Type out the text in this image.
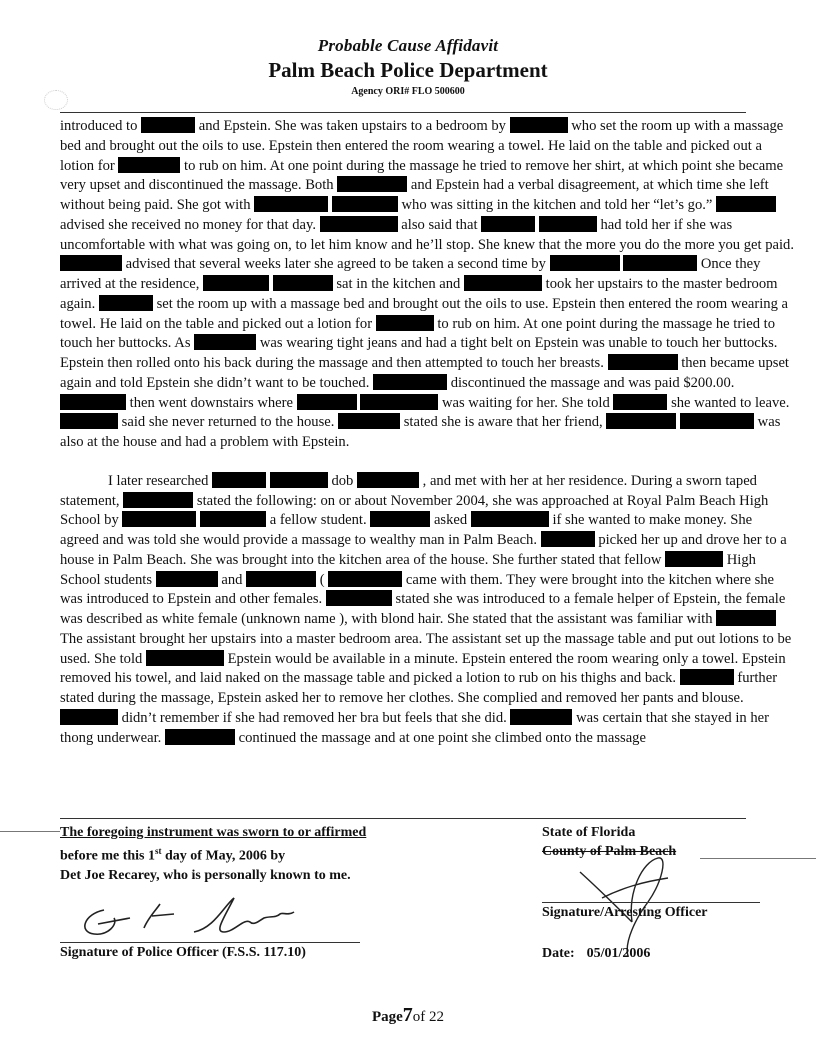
Probable Cause Affidavit
Palm Beach Police Department
Agency ORI# FLO 500600

introduced to	and Epstein. She was taken upstairs to a bedroom by	who set the room up with a massage bed and brought out the oils to use. Epstein then entered the room wearing a towel. He laid on the table and picked out a lotion for	to rub on him. At one point during the massage he tried to remove her shirt, at which point she became very upset and discontinued the massage. Both	and Epstein had a verbal disagreement, at which time she left without being paid. She got with	who was sitting in the kitchen and told her “let’s go.”  advised she received no money for that day.	also said that	had told her if she was uncomfortable with what was going on, to let him know and he’ll stop. She knew that the more you do the more you get paid.  advised that several weeks later she agreed to be taken a second time by	Once they arrived at the residence,	sat in the kitchen and	took her upstairs to the master bedroom again.	set the room up with a massage bed and brought out the oils to use. Epstein then entered the room wearing a towel. He laid on the table and picked out a lotion for	to rub on him. At one point during the massage he tried to touch her buttocks. As	was wearing tight jeans and had a tight belt on Epstein was unable to touch her buttocks. Epstein then rolled onto his back during the massage and then attempted to touch her breasts.	then became upset again and told Epstein she didn’t want to be touched.	discontinued the massage and was paid $200.00.  then went downstairs where	was waiting for her. She told	she wanted to leave.  said she never returned to the house.	stated she is aware that her friend,	was also at the house and had a problem with Epstein.

I later researched	dob	, and met with her at her residence. During a sworn taped statement,	stated the following: on or about November 2004, she was approached at Royal Palm Beach High School by	a fellow student.	asked	if she wanted to make money. She agreed and was told she would provide a massage to wealthy man in Palm Beach.	picked her up and drove her to a house in Palm Beach. She was brought into the kitchen area of the house. She further stated that fellow	High School students	and	(	came with them. They were brought into the kitchen where she was introduced to Epstein and other females.	stated she was introduced to a female helper of Epstein, the female was described as white female (unknown name ), with blond hair. She stated that the assistant was familiar with  The assistant brought her upstairs into a master bedroom area. The assistant set up the massage table and put out lotions to be used. She told	Epstein would be available in a minute. Epstein entered the room wearing only a towel. Epstein removed his towel, and laid naked on the massage table and picked a lotion to rub on his thighs and back.	further stated during the massage, Epstein asked her to remove her clothes. She complied and removed her pants and blouse.  didn’t remember if she had removed her bra but feels that she did.	was certain that she stayed in her thong underwear.	continued the massage and at one point she climbed onto the massage

The foregoing instrument was sworn to or affirmed
before me this 1st day of May, 2006 by
Det Joe Recarey, who is personally known to me.
State of Florida
County of Palm Beach
Signature of Police Officer (F.S.S. 117.10)
Signature/Arresting Officer
Date: 05/01/2006
Page7of 22
